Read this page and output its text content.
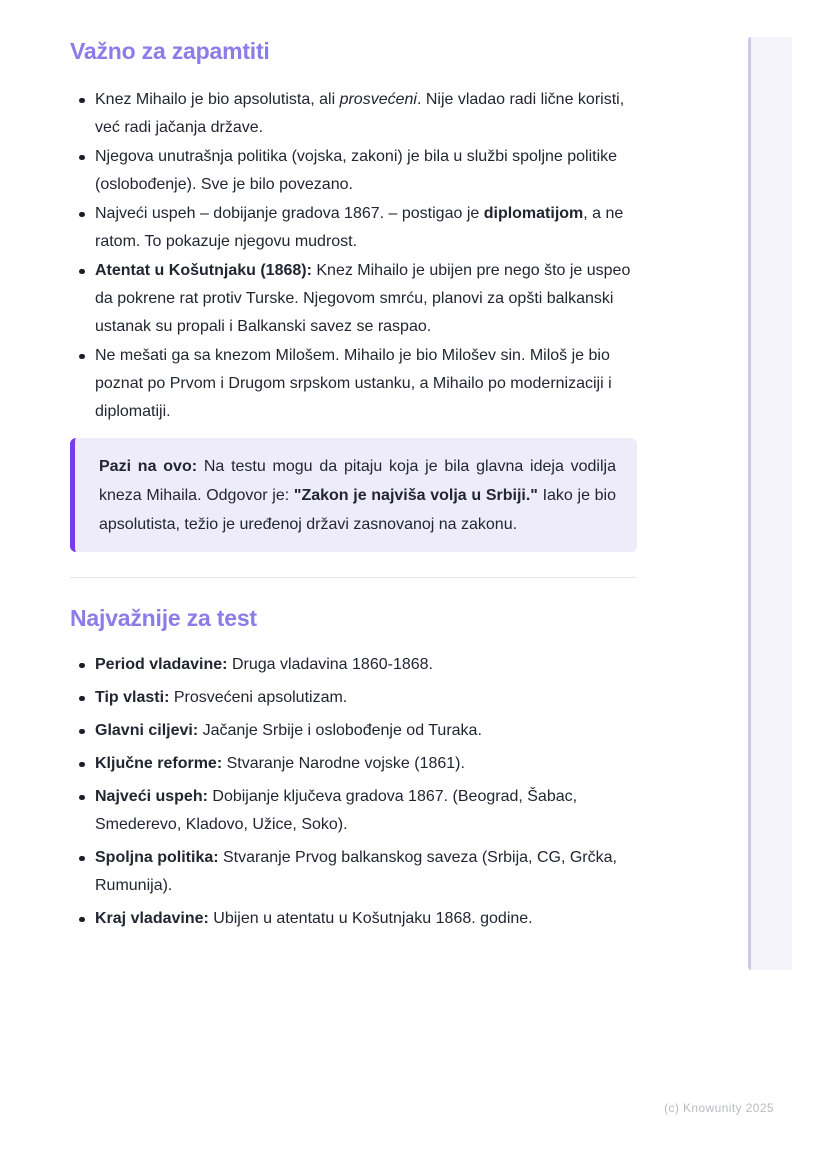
Važno za zapamtiti
Knez Mihailo je bio apsolutista, ali prosvećeni. Nije vladao radi lične koristi, već radi jačanja države.
Njegova unutrašnja politika (vojska, zakoni) je bila u službi spoljne politike (oslobođenje). Sve je bilo povezano.
Najveći uspeh – dobijanje gradova 1867. – postigao je diplomatijom, a ne ratom. To pokazuje njegovu mudrost.
Atentat u Košutnjaku (1868): Knez Mihailo je ubijen pre nego što je uspeo da pokrene rat protiv Turske. Njegovom smrću, planovi za opšti balkanski ustanak su propali i Balkanski savez se raspao.
Ne mešati ga sa knezom Milošem. Mihailo je bio Milošev sin. Miloš je bio poznat po Prvom i Drugom srpskom ustanku, a Mihailo po modernizaciji i diplomatiji.

Pazi na ovo: Na testu mogu da pitaju koja je bila glavna ideja vodilja kneza Mihaila. Odgovor je: "Zakon je najviša volja u Srbiji." Iako je bio apsolutista, težio je uređenoj državi zasnovanoj na zakonu.

Najvažnije za test
Period vladavine: Druga vladavina 1860-1868.
Tip vlasti: Prosvećeni apsolutizam.
Glavni ciljevi: Jačanje Srbije i oslobođenje od Turaka.
Ključne reforme: Stvaranje Narodne vojske (1861).
Najveći uspeh: Dobijanje ključeva gradova 1867. (Beograd, Šabac, Smederevo, Kladovo, Užice, Soko).
Spoljna politika: Stvaranje Prvog balkanskog saveza (Srbija, CG, Grčka, Rumunija).
Kraj vladavine: Ubijen u atentatu u Košutnjaku 1868. godine.
(c) Knowunity 2025
